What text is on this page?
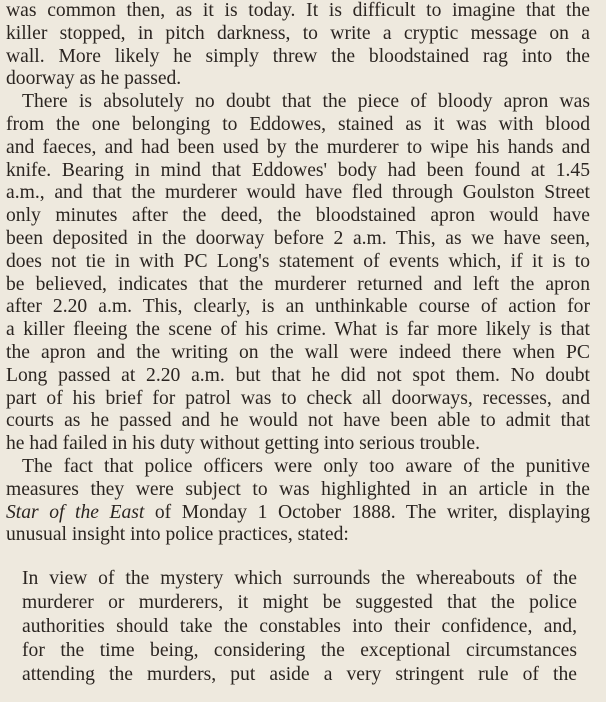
was common then, as it is today. It is difficult to imagine that the
killer stopped, in pitch darkness, to write a cryptic message on a
wall. More likely he simply threw the bloodstained rag into the
doorway as he passed.
There is absolutely no doubt that the piece of bloody apron was
from the one belonging to Eddowes, stained as it was with blood
and faeces, and had been used by the murderer to wipe his hands and
knife. Bearing in mind that Eddowes' body had been found at 1.45
a.m., and that the murderer would have fled through Goulston Street
only minutes after the deed, the bloodstained apron would have
been deposited in the doorway before 2 a.m. This, as we have seen,
does not tie in with PC Long's statement of events which, if it is to
be believed, indicates that the murderer returned and left the apron
after 2.20 a.m. This, clearly, is an unthinkable course of action for
a killer fleeing the scene of his crime. What is far more likely is that
the apron and the writing on the wall were indeed there when PC
Long passed at 2.20 a.m. but that he did not spot them. No doubt
part of his brief for patrol was to check all doorways, recesses, and
courts as he passed and he would not have been able to admit that
he had failed in his duty without getting into serious trouble.
The fact that police officers were only too aware of the punitive
measures they were subject to was highlighted in an article in the
Star of the East of Monday 1 October 1888. The writer, displaying
unusual insight into police practices, stated:
In view of the mystery which surrounds the whereabouts of the
murderer or murderers, it might be suggested that the police
authorities should take the constables into their confidence, and,
for the time being, considering the exceptional circumstances
attending the murders, put aside a very stringent rule of the
